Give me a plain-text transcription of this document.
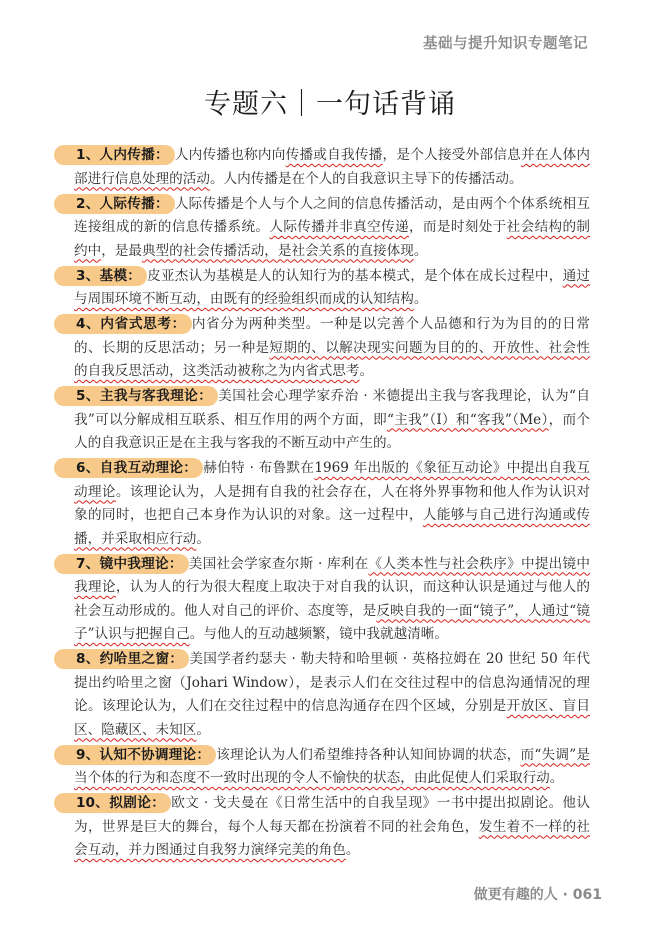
基础与提升知识专题笔记
专题六｜一句话背诵

1、人内传播： 人内传播也称内向传播或自我传播，是个人接受外部信息并在人体内部进行信息处理的活动。人内传播是在个人的自我意识主导下的传播活动。

2、人际传播： 人际传播是个人与个人之间的信息传播活动，是由两个个体系统相互连接组成的新的信息传播系统。人际传播并非真空传递，而是时刻处于社会结构的制约中，是最典型的社会传播活动，是社会关系的直接体现。

3、基模： 皮亚杰认为基模是人的认知行为的基本模式，是个体在成长过程中，通过与周围环境不断互动，由既有的经验组织而成的认知结构。

4、内省式思考： 内省分为两种类型。一种是以完善个人品德和行为为目的的日常的、长期的反思活动；另一种是短期的、以解决现实问题为目的的、开放性、社会性的自我反思活动，这类活动被称之为内省式思考。

5、主我与客我理论： 美国社会心理学家乔治 · 米德提出主我与客我理论，认为“自我”可以分解成相互联系、相互作用的两个方面，即“主我”（I）和“客我”（Me），而个人的自我意识正是在主我与客我的不断互动中产生的。

6、自我互动理论： 赫伯特 · 布鲁默在1969 年出版的《象征互动论》中提出自我互动理论。该理论认为，人是拥有自我的社会存在，人在将外界事物和他人作为认识对象的同时，也把自己本身作为认识的对象。这一过程中，人能够与自己进行沟通或传播，并采取相应行动。

7、镜中我理论： 美国社会学家查尔斯 · 库利在《人类本性与社会秩序》中提出镜中我理论，认为人的行为很大程度上取决于对自我的认识，而这种认识是通过与他人的社会互动形成的。他人对自己的评价、态度等，是反映自我的一面“镜子”，人通过“镜子”认识与把握自己。与他人的互动越频繁，镜中我就越清晰。

8、约哈里之窗： 美国学者约瑟夫 · 勒夫特和哈里顿 · 英格拉姆在 20 世纪 50 年代提出约哈里之窗（Johari Window），是表示人们在交往过程中的信息沟通情况的理论。该理论认为，人们在交往过程中的信息沟通存在四个区域，分别是开放区、盲目区、隐藏区、未知区。

9、认知不协调理论： 该理论认为人们希望维持各种认知间协调的状态，而“失调”是当个体的行为和态度不一致时出现的令人不愉快的状态，由此促使人们采取行动。

10、拟剧论： 欧文 · 戈夫曼在《日常生活中的自我呈现》一书中提出拟剧论。他认为，世界是巨大的舞台，每个人每天都在扮演着不同的社会角色，发生着不一样的社会互动，并力图通过自我努力演绎完美的角色。

做更有趣的人 · 061
